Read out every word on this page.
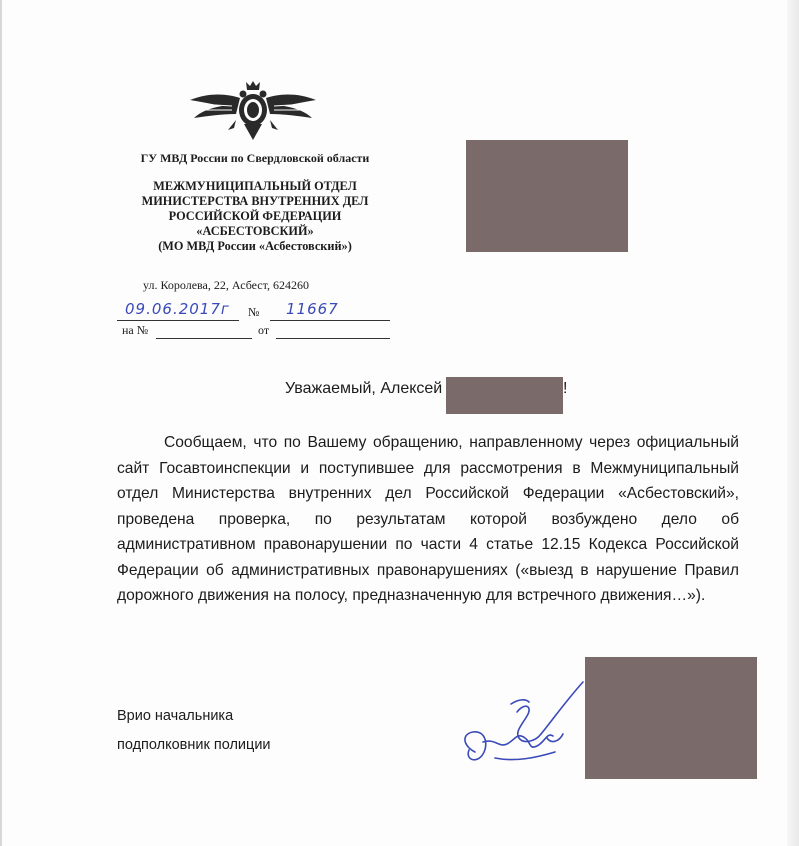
ГУ МВД России по Свердловской области
МЕЖМУНИЦИПАЛЬНЫЙ ОТДЕЛ
МИНИСТЕРСТВА ВНУТРЕННИХ ДЕЛ
РОССИЙСКОЙ ФЕДЕРАЦИИ
«АСБЕСТОВСКИЙ»
(МО МВД России «Асбестовский»)
ул. Королева, 22, Асбест, 624260
09.06.2017г № 11667
на №	от
Уважаемый, Алексей	!

Сообщаем, что по Вашему обращению, направленному через официальный сайт Госавтоинспекции и поступившее для рассмотрения в Межмуниципальный отдел Министерства внутренних дел Российской Федерации «Асбестовский», проведена проверка, по результатам которой возбуждено дело об административном правонарушении по части 4 статье 12.15 Кодекса Российской Федерации об административных правонарушениях («выезд в нарушение Правил дорожного движения на полосу, предназначенную для встречного движения…»).

Врио начальника
подполковник полиции
